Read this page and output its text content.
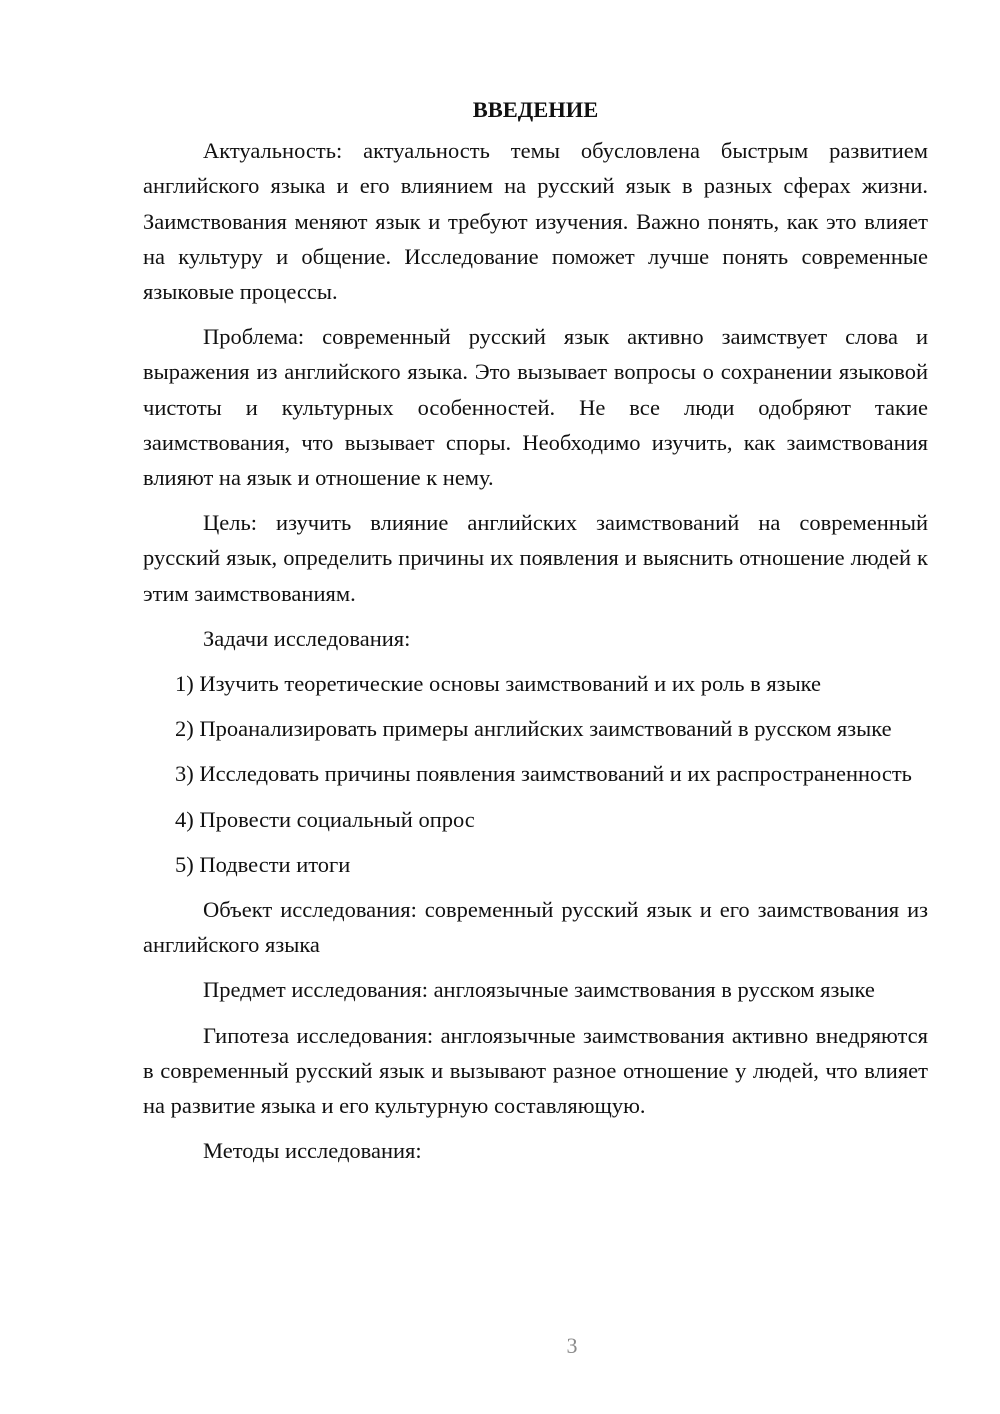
ВВЕДЕНИЕ

Актуальность: актуальность темы обусловлена быстрым развитием английского языка и его влиянием на русский язык в разных сферах жизни. Заимствования меняют язык и требуют изучения. Важно понять, как это влияет на культуру и общение. Исследование поможет лучше понять современные языковые процессы.

Проблема: современный русский язык активно заимствует слова и выражения из английского языка. Это вызывает вопросы о сохранении языковой чистоты и культурных особенностей. Не все люди одобряют такие заимствования, что вызывает споры. Необходимо изучить, как заимствования влияют на язык и отношение к нему.

Цель: изучить влияние английских заимствований на современный русский язык, определить причины их появления и выяснить отношение людей к этим заимствованиям.

Задачи исследования:

1) Изучить теоретические основы заимствований и их роль в языке

2) Проанализировать примеры английских заимствований в русском языке

3) Исследовать причины появления заимствований и их распространенность

4) Провести социальный опрос

5) Подвести итоги

Объект исследования: современный русский язык и его заимствования из английского языка

Предмет исследования: англоязычные заимствования в русском языке

Гипотеза исследования: англоязычные заимствования активно внедряются в современный русский язык и вызывают разное отношение у людей, что влияет на развитие языка и его культурную составляющую.

Методы исследования:

3
